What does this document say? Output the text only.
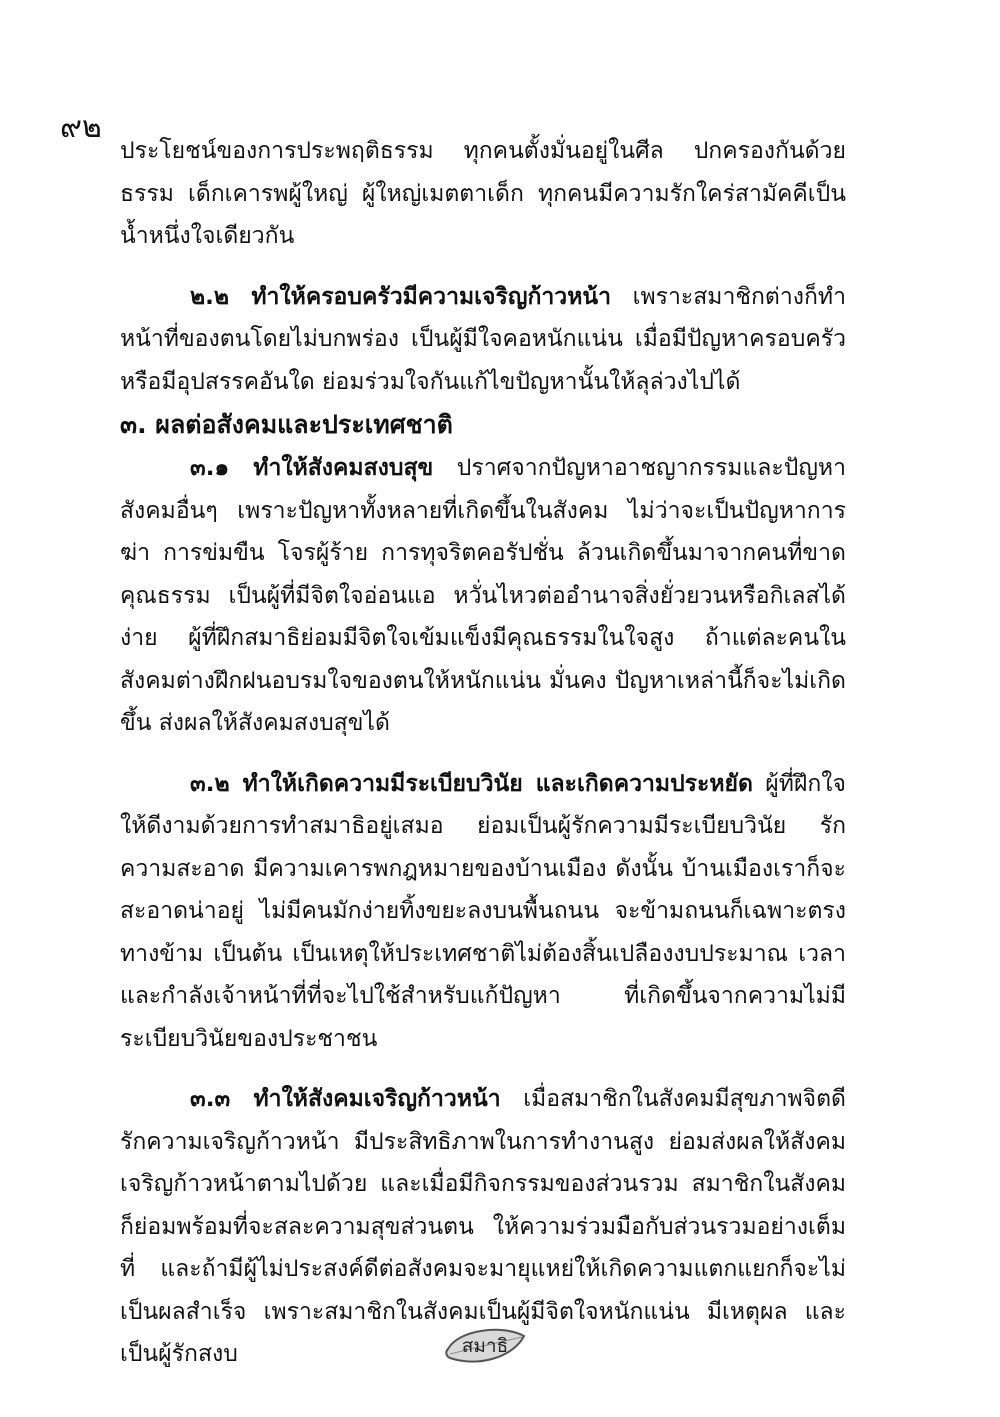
๙๒

ประโยชน์ของการประพฤติธรรม ทุกคนตั้งมั่นอยู่ในศีล ปกครองกันด้วยธรรม เด็กเคารพผู้ใหญ่ ผู้ใหญ่เมตตาเด็ก ทุกคนมีความรักใคร่สามัคคีเป็นน้ำหนึ่งใจเดียวกัน

๒.๒ ทำให้ครอบครัวมีความเจริญก้าวหน้า เพราะสมาชิกต่างก็ทำหน้าที่ของตนโดยไม่บกพร่อง เป็นผู้มีใจคอหนักแน่น เมื่อมีปัญหาครอบครัวหรือมีอุปสรรคอันใด ย่อมร่วมใจกันแก้ไขปัญหานั้นให้ลุล่วงไปได้

๓. ผลต่อสังคมและประเทศชาติ

๓.๑ ทำให้สังคมสงบสุข ปราศจากปัญหาอาชญากรรมและปัญหาสังคมอื่นๆ เพราะปัญหาทั้งหลายที่เกิดขึ้นในสังคม ไม่ว่าจะเป็นปัญหาการฆ่า การข่มขืน โจรผู้ร้าย การทุจริตคอรัปชั่น ล้วนเกิดขึ้นมาจากคนที่ขาดคุณธรรม เป็นผู้ที่มีจิตใจอ่อนแอ หวั่นไหวต่ออำนาจสิ่งยั่วยวนหรือกิเลสได้ง่าย ผู้ที่ฝึกสมาธิย่อมมีจิตใจเข้มแข็งมีคุณธรรมในใจสูง ถ้าแต่ละคนในสังคมต่างฝึกฝนอบรมใจของตนให้หนักแน่น มั่นคง ปัญหาเหล่านี้ก็จะไม่เกิดขึ้น ส่งผลให้สังคมสงบสุขได้

๓.๒ ทำให้เกิดความมีระเบียบวินัย และเกิดความประหยัด ผู้ที่ฝึกใจให้ดีงามด้วยการทำสมาธิอยู่เสมอ ย่อมเป็นผู้รักความมีระเบียบวินัย รักความสะอาด มีความเคารพกฎหมายของบ้านเมือง ดังนั้น บ้านเมืองเราก็จะสะอาดน่าอยู่ ไม่มีคนมักง่ายทิ้งขยะลงบนพื้นถนน จะข้ามถนนก็เฉพาะตรงทางข้าม เป็นต้น เป็นเหตุให้ประเทศชาติไม่ต้องสิ้นเปลืองงบประมาณ เวลาและกำลังเจ้าหน้าที่ที่จะไปใช้สำหรับแก้ปัญหา ที่เกิดขึ้นจากความไม่มีระเบียบวินัยของประชาชน

๓.๓ ทำให้สังคมเจริญก้าวหน้า เมื่อสมาชิกในสังคมมีสุขภาพจิตดี รักความเจริญก้าวหน้า มีประสิทธิภาพในการทำงานสูง ย่อมส่งผลให้สังคมเจริญก้าวหน้าตามไปด้วย และเมื่อมีกิจกรรมของส่วนรวม สมาชิกในสังคมก็ย่อมพร้อมที่จะสละความสุขส่วนตน ให้ความร่วมมือกับส่วนรวมอย่างเต็มที่ และถ้ามีผู้ไม่ประสงค์ดีต่อสังคมจะมายุแหย่ให้เกิดความแตกแยกก็จะไม่เป็นผลสำเร็จ เพราะสมาชิกในสังคมเป็นผู้มีจิตใจหนักแน่น มีเหตุผล และเป็นผู้รักสงบ	สมาธิ
